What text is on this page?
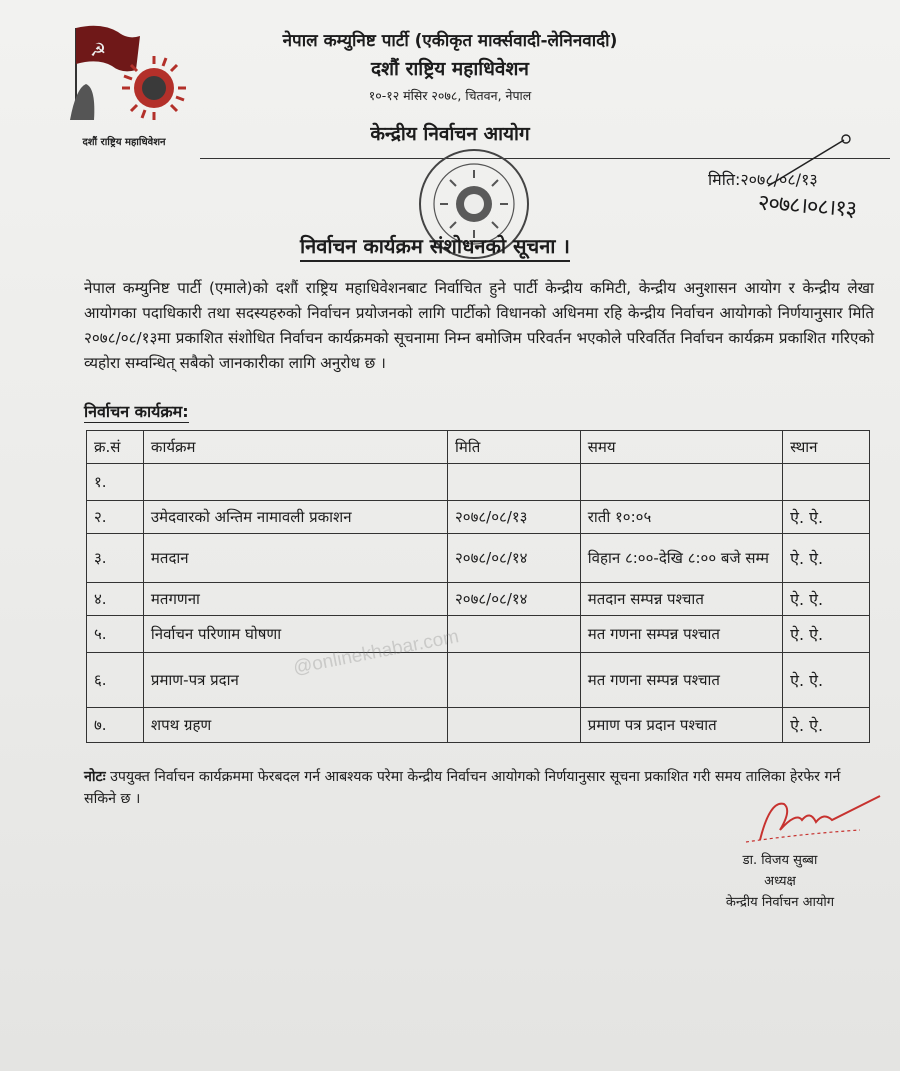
☭
दशौं राष्ट्रिय महाधिवेशन

नेपाल कम्युनिष्ट पार्टी (एकीकृत मार्क्सवादी-लेनिनवादी)

दशौं राष्ट्रिय महाधिवेशन

१०-१२ मंसिर २०७८, चितवन, नेपाल

केन्द्रीय निर्वाचन आयोग

मिति:२०७८/०८/१३
२०७८।०८।१३
निर्वाचन कार्यक्रम संशोधनको सूचना ।
नेपाल कम्युनिष्ट पार्टी (एमाले)को दशौं राष्ट्रिय महाधिवेशनबाट निर्वाचित हुने पार्टी केन्द्रीय कमिटी, केन्द्रीय अनुशासन आयोग र केन्द्रीय लेखा आयोगका पदाधिकारी तथा सदस्यहरुको निर्वाचन प्रयोजनको लागि पार्टीको विधानको अधिनमा रहि केन्द्रीय निर्वाचन आयोगको निर्णयानुसार मिति २०७८/०८/१३मा प्रकाशित संशोधित निर्वाचन कार्यक्रमको सूचनामा निम्न बमोजिम परिवर्तन भएकोले परिवर्तित निर्वाचन कार्यक्रम प्रकाशित गरिएको व्यहोरा सम्वन्धित् सबैको जानकारीका लागि अनुरोध छ ।
निर्वाचन कार्यक्रम:
क्र.सं	कार्यक्रम	मिति	समय	स्थान
१.				
२.	उमेदवारको अन्तिम नामावली प्रकाशन	२०७८/०८/१३	राती १०:०५	ऐ. ऐ.
३.	मतदान	२०७८/०८/१४	विहान ८:००-देखि ८:०० बजे सम्म	ऐ. ऐ.
४.	मतगणना	२०७८/०८/१४	मतदान सम्पन्न पश्चात	ऐ. ऐ.
५.	निर्वाचन परिणाम घोषणा		मत गणना सम्पन्न पश्चात	ऐ. ऐ.
६.	प्रमाण-पत्र प्रदान		मत गणना सम्पन्न पश्चात	ऐ. ऐ.
७.	शपथ ग्रहण		प्रमाण पत्र प्रदान पश्चात	ऐ. ऐ.
@onlinekhabar.com
नोटः उपयुक्त निर्वाचन कार्यक्रममा फेरबदल गर्न आबश्यक परेमा केन्द्रीय निर्वाचन आयोगको निर्णयानुसार सूचना प्रकाशित गरी समय तालिका हेरफेर गर्न सकिने छ ।
डा. विजय सुब्बा
अध्यक्ष
केन्द्रीय निर्वाचन आयोग
